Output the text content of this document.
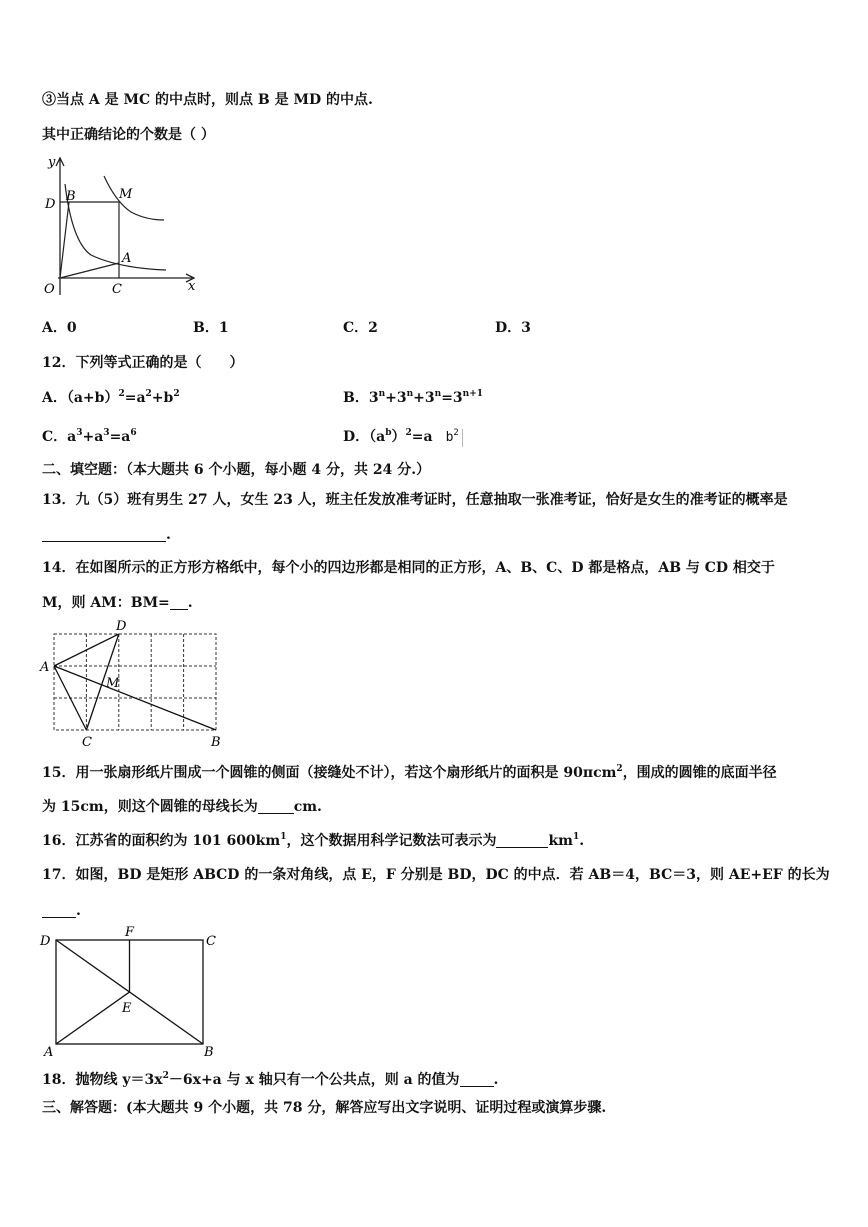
③当点 A 是 MC 的中点时，则点 B 是 MD 的中点.
其中正确结论的个数是（ ）
y
x
O
B	M
D
A
C
A．0	B．1	C．2	D．3
12．下列等式正确的是（　　）
A．$(a+b)^2=a^2+b^2$	B．$3^n+3^n+3^n=3^{n+1}$
C．$a^3+a^3=a^6$	D．$(a^b)^2=a$ $b^2$
二、填空题：（本大题共 6 个小题，每小题 4 分，共 24 分.）
13．九（5）班有男生 27 人，女生 23 人，班主任发放准考证时，任意抽取一张准考证，恰好是女生的准考证的概率是
.
14．在如图所示的正方形方格纸中，每个小的四边形都是相同的正方形，A、B、C、D 都是格点，AB 与 CD 相交于
M，则 AM：BM= .
A
B
C
D
M
15．用一张扇形纸片围成一个圆锥的侧面（接缝处不计），若这个扇形纸片的面积是 90πcm$^2$，围成的圆锥的底面半径
为 15cm，则这个圆锥的母线长为	cm.
16．江苏省的面积约为 101 $600km^1$，这个数据用科学记数法可表示为	$km^1$.
17．如图，BD 是矩形 ABCD 的一条对角线，点 E，F 分别是 BD，DC 的中点．若 AB＝4，BC＝3，则 AE+EF 的长为
.
D
F
C
E
A	B
18．抛物线 $y=3x^2-6x+a$ 与 x 轴只有一个公共点，则 a 的值为 .
三、解答题：(本大题共 9 个小题，共 78 分，解答应写出文字说明、证明过程或演算步骤.
